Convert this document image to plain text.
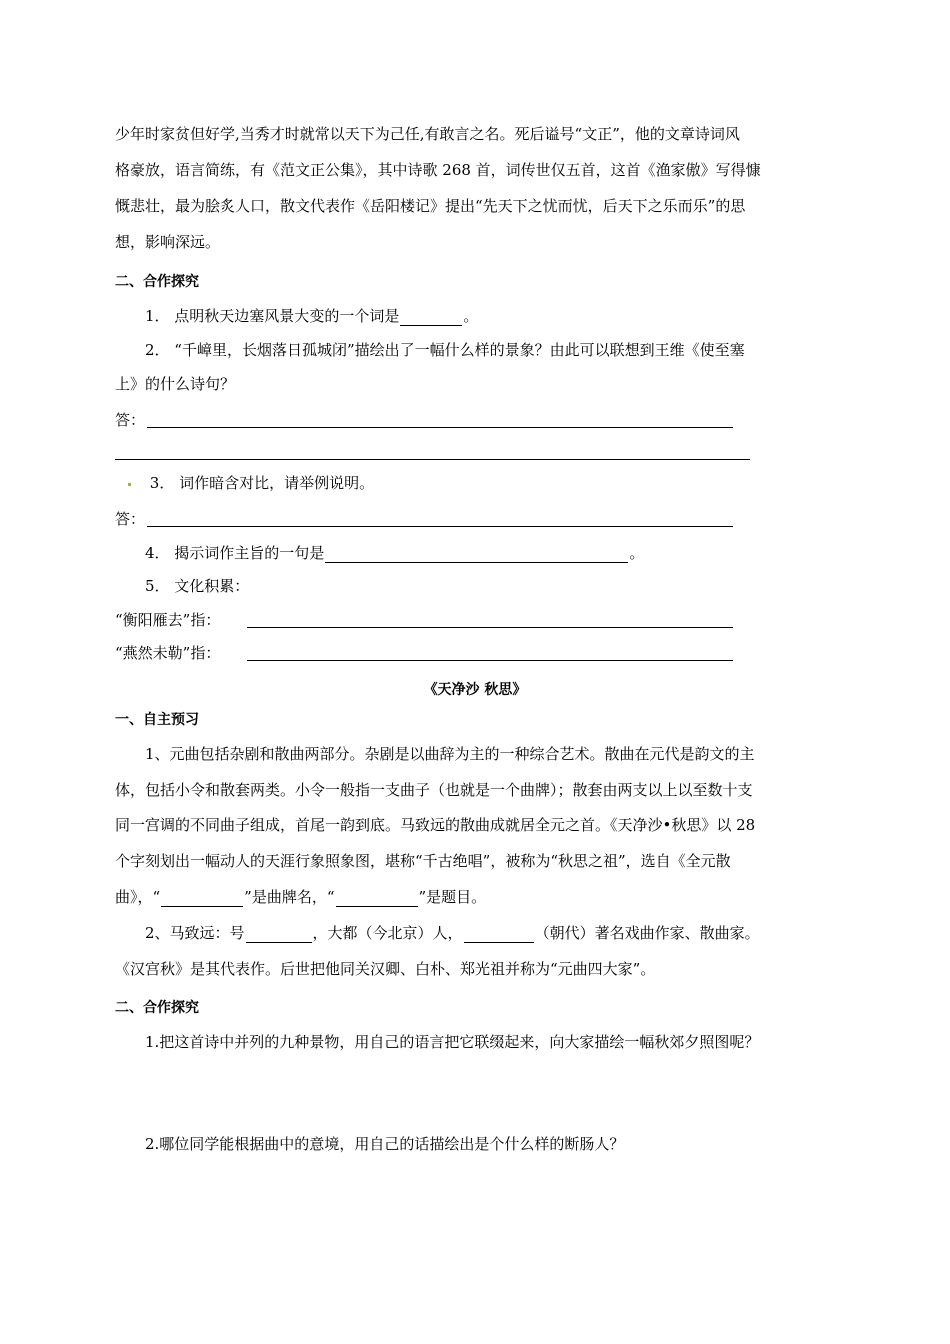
少年时家贫但好学,当秀才时就常以天下为己任,有敢言之名。死后谥号“文正”，他的文章诗词风
格豪放，语言简练，有《范文正公集》，其中诗歌 268 首，词传世仅五首，这首《渔家傲》写得慷
慨悲壮，最为脍炙人口，散文代表作《岳阳楼记》提出“先天下之忧而忧，后天下之乐而乐”的思
想，影响深远。
二、合作探究
1． 点明秋天边塞风景大变的一个词是	。
2． “千嶂里，长烟落日孤城闭”描绘出了一幅什么样的景象？由此可以联想到王维《使至塞
上》的什么诗句？
答：
3． 词作暗含对比，请举例说明。
答：
4． 揭示词作主旨的一句是	。
5． 文化积累：
“衡阳雁去”指：
“燕然未勒”指：
《天净沙 秋思》
一、自主预习
1、元曲包括杂剧和散曲两部分。杂剧是以曲辞为主的一种综合艺术。散曲在元代是韵文的主
体，包括小令和散套两类。小令一般指一支曲子（也就是一个曲牌）；散套由两支以上以至数十支
同一宫调的不同曲子组成，首尾一韵到底。马致远的散曲成就居全元之首。《天净沙•秋思》以 28
个字刻划出一幅动人的天涯行象照象图，堪称“千古绝唱”，被称为“秋思之祖”，选自《全元散
曲》，“	”是曲牌名，“	”是题目。
2、马致远：号	，大都（今北京）人，	（朝代）著名戏曲作家、散曲家。
《汉宫秋》是其代表作。后世把他同关汉卿、白朴、郑光祖并称为“元曲四大家”。
二、合作探究
1.把这首诗中并列的九种景物，用自己的语言把它联缀起来，向大家描绘一幅秋郊夕照图呢？
2.哪位同学能根据曲中的意境，用自己的话描绘出是个什么样的断肠人？
